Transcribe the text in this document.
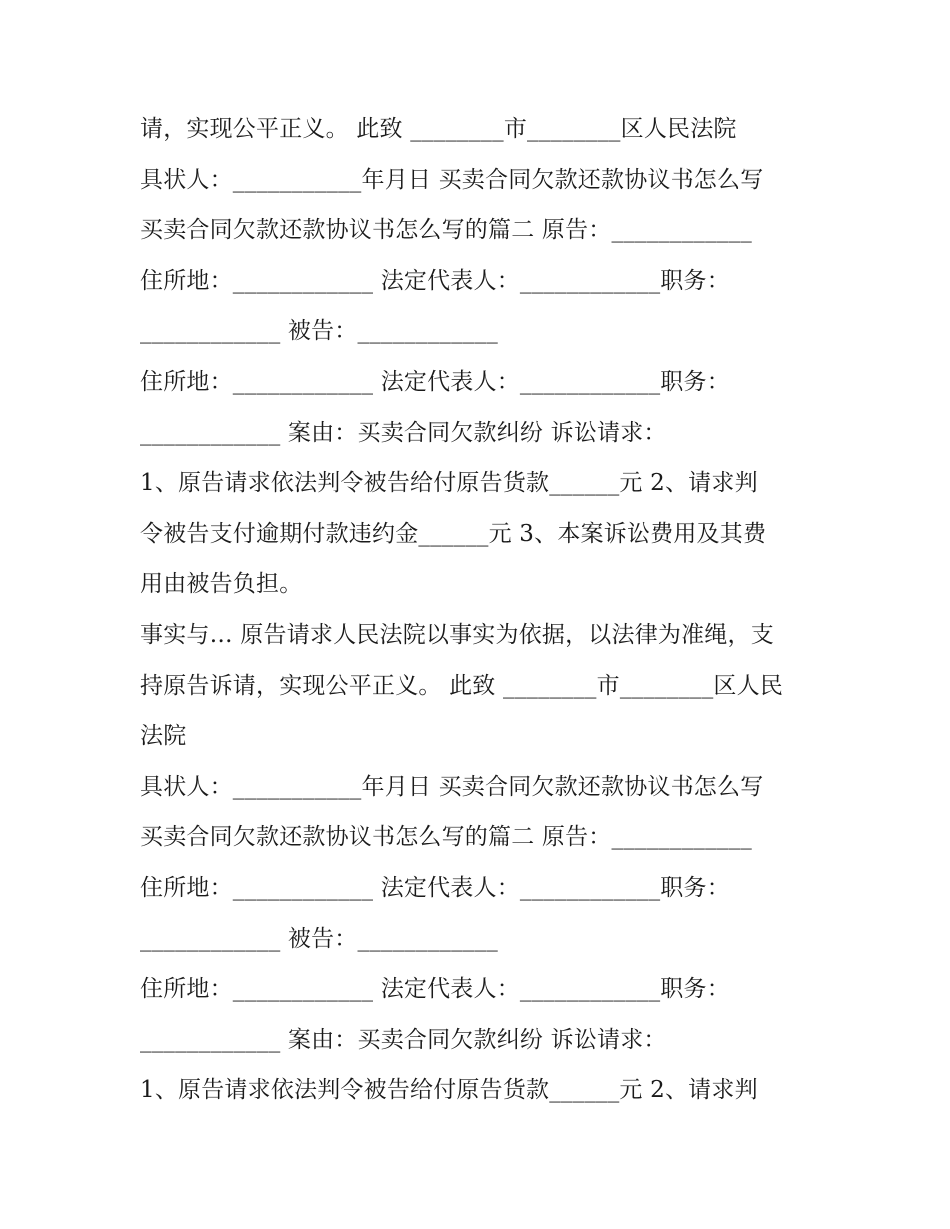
请，实现公平正义。 此致 ________市________区人民法院
具状人：___________年月日 买卖合同欠款还款协议书怎么写
买卖合同欠款还款协议书怎么写的篇二 原告：____________
住所地：____________ 法定代表人：____________职务：
____________ 被告：____________
住所地：____________ 法定代表人：____________职务：
____________ 案由：买卖合同欠款纠纷 诉讼请求：
1、原告请求依法判令被告给付原告货款______元 2、请求判
令被告支付逾期付款违约金______元 3、本案诉讼费用及其费
用由被告负担。
事实与… 原告请求人民法院以事实为依据，以法律为准绳，支
持原告诉请，实现公平正义。 此致 ________市________区人民
法院
具状人：___________年月日 买卖合同欠款还款协议书怎么写
买卖合同欠款还款协议书怎么写的篇二 原告：____________
住所地：____________ 法定代表人：____________职务：
____________ 被告：____________
住所地：____________ 法定代表人：____________职务：
____________ 案由：买卖合同欠款纠纷 诉讼请求：
1、原告请求依法判令被告给付原告货款______元 2、请求判
